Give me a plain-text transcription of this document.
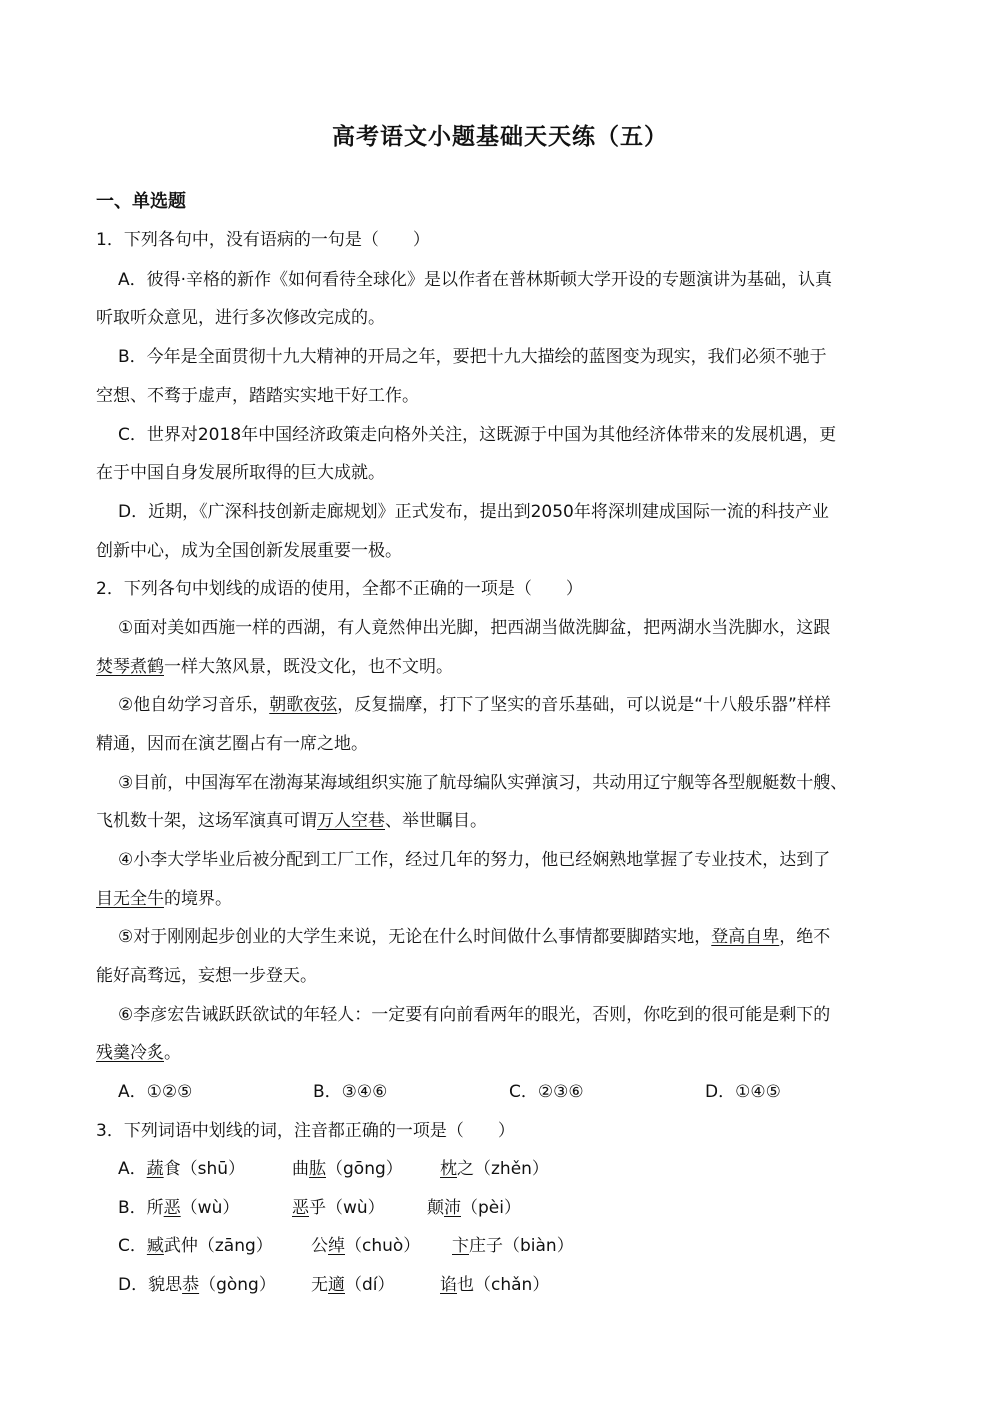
高考语文小题基础天天练（五）
一、单选题
1．下列各句中，没有语病的一句是（　　）
A．彼得·辛格的新作《如何看待全球化》是以作者在普林斯顿大学开设的专题演讲为基础，认真
听取听众意见，进行多次修改完成的。
B．今年是全面贯彻十九大精神的开局之年，要把十九大描绘的蓝图变为现实，我们必须不驰于
空想、不骛于虚声，踏踏实实地干好工作。
C．世界对2018年中国经济政策走向格外关注，这既源于中国为其他经济体带来的发展机遇，更
在于中国自身发展所取得的巨大成就。
D．近期，《广深科技创新走廊规划》正式发布，提出到2050年将深圳建成国际一流的科技产业
创新中心，成为全国创新发展重要一极。
2．下列各句中划线的成语的使用，全都不正确的一项是（　　）
①面对美如西施一样的西湖，有人竟然伸出光脚，把西湖当做洗脚盆，把两湖水当洗脚水，这跟
焚琴煮鹤一样大煞风景，既没文化，也不文明。
②他自幼学习音乐，朝歌夜弦，反复揣摩，打下了坚实的音乐基础，可以说是“十八般乐器”样样
精通，因而在演艺圈占有一席之地。
③目前，中国海军在渤海某海域组织实施了航母编队实弹演习，共动用辽宁舰等各型舰艇数十艘、
飞机数十架，这场军演真可谓万人空巷、举世瞩目。
④小李大学毕业后被分配到工厂工作，经过几年的努力，他已经娴熟地掌握了专业技术，达到了
目无全牛的境界。
⑤对于刚刚起步创业的大学生来说，无论在什么时间做什么事情都要脚踏实地，登高自卑，绝不
能好高骛远，妄想一步登天。
⑥李彦宏告诫跃跃欲试的年轻人：一定要有向前看两年的眼光，否则，你吃到的很可能是剩下的
残羹冷炙。
A．①②⑤	B．③④⑥	C．②③⑥	D．①④⑤
3．下列词语中划线的词，注音都正确的一项是（　　）
A．蔬食（shū）	曲肱（gōng） 枕之（zhěn）
B．所恶（wù）	恶乎（wù） 颠沛（pèi）
C．臧武仲（zāng） 公绰（chuò） 卞庄子（biàn）
D．貌思恭（gòng） 无適（dí）	谄也（chǎn）
